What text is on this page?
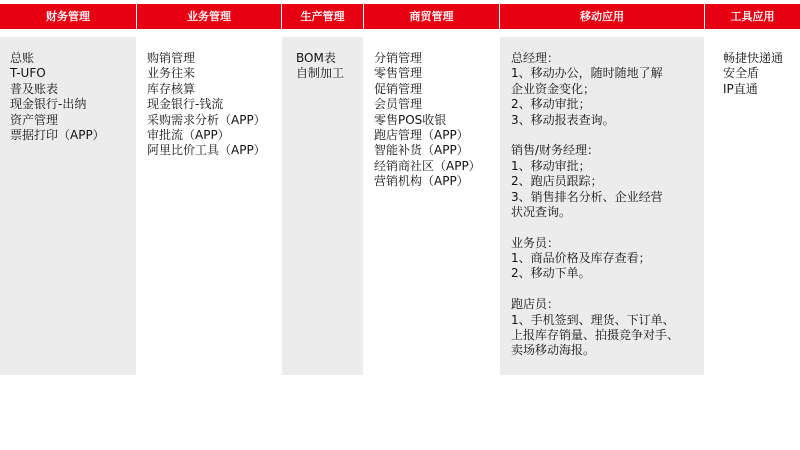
财务管理
总账
T-UFO
普及账表
现金银行-出纳
资产管理
票据打印（APP）
业务管理
购销管理
业务往来
库存核算
现金银行-钱流
采购需求分析（APP）
审批流（APP）
阿里比价工具（APP）
生产管理
BOM表
自制加工
商贸管理
分销管理
零售管理
促销管理
会员管理
零售POS收银
跑店管理（APP）
智能补货（APP）
经销商社区（APP）
营销机构（APP）
移动应用
总经理：
1、移动办公，随时随地了解
企业资金变化；
2、移动审批；
3、移动报表查询。
销售/财务经理：
1、移动审批；
2、跑店员跟踪；
3、销售排名分析、企业经营
状况查询。
业务员：
1、商品价格及库存查看；
2、移动下单。
跑店员：
1、手机签到、理货、下订单、
上报库存销量、拍摄竞争对手、
卖场移动海报。
工具应用
畅捷快递通
安全盾
IP直通
